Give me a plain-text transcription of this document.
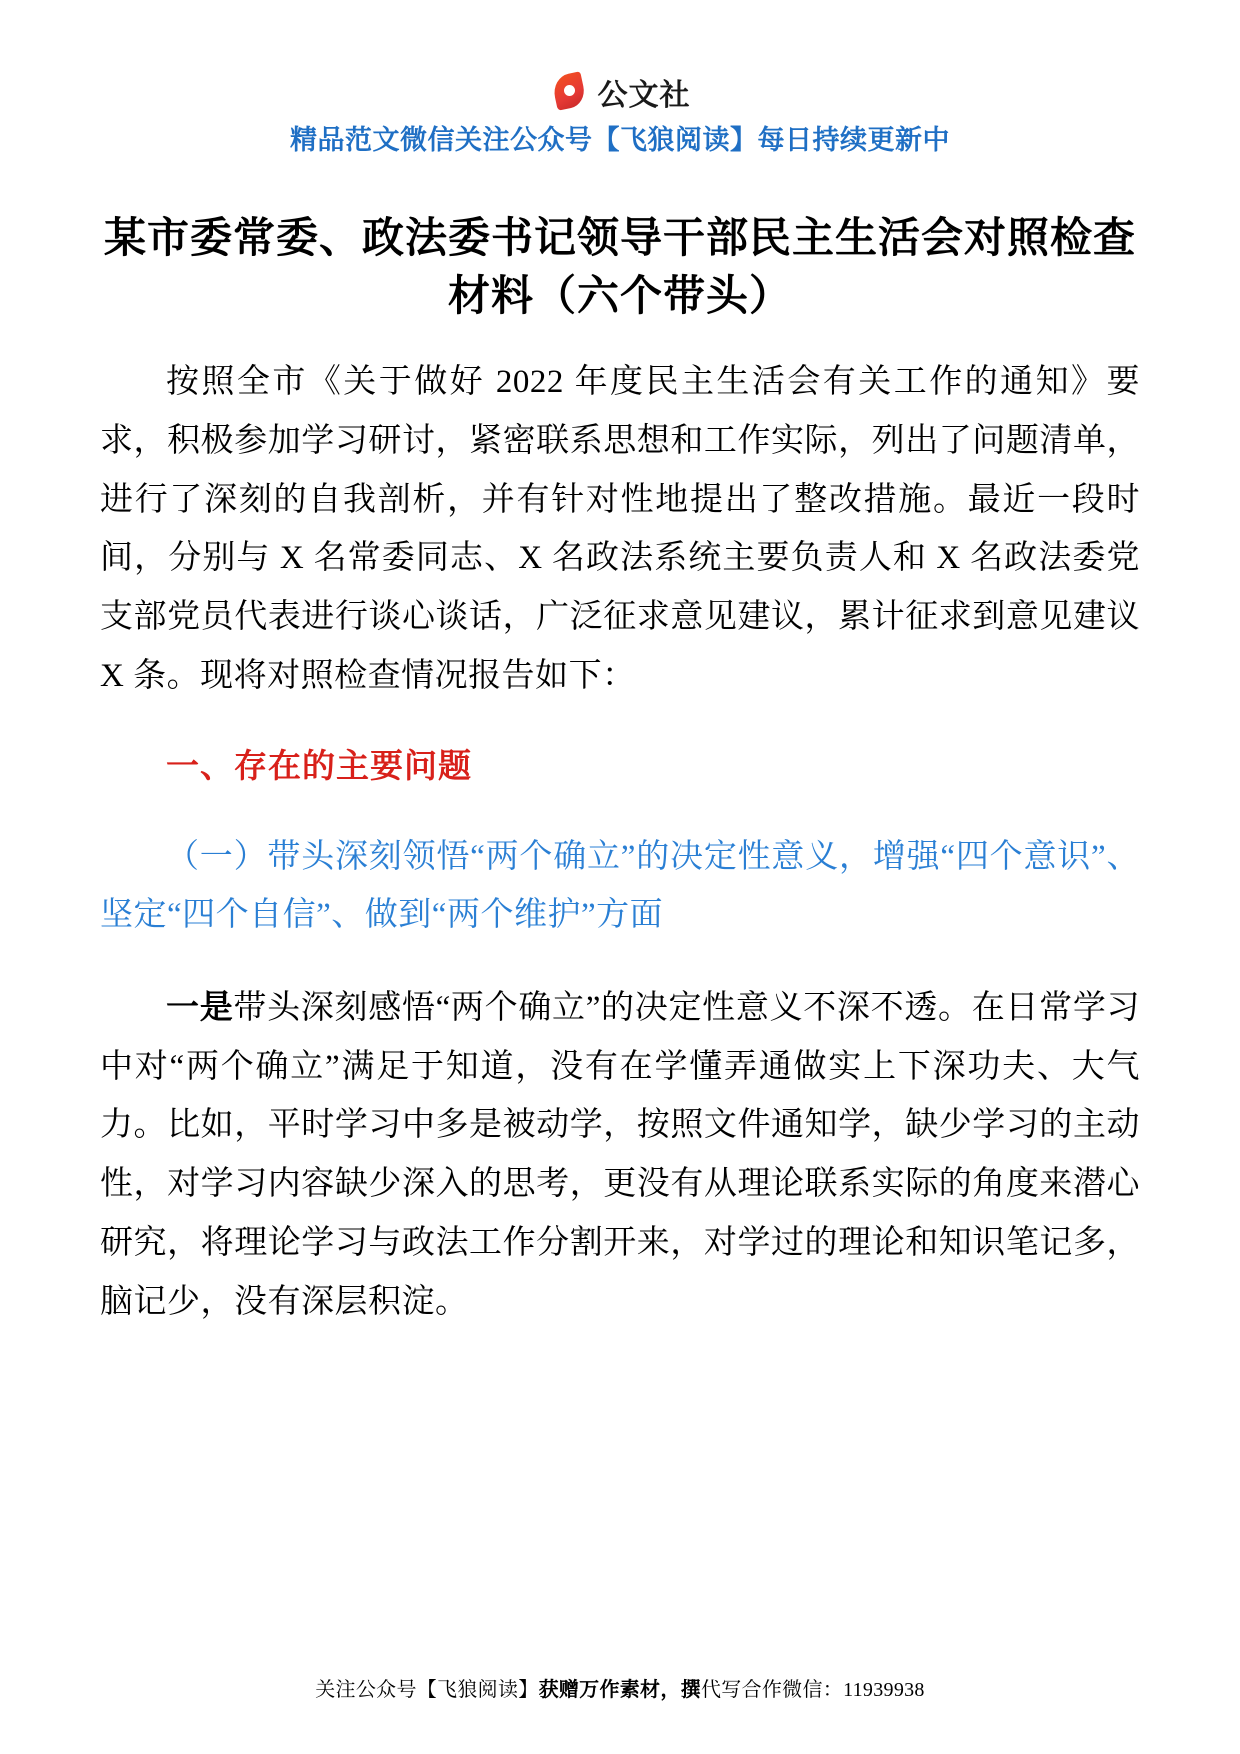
公文社
精品范文微信关注公众号【飞狼阅读】每日持续更新中
某市委常委、政法委书记领导干部民主生活会对照检查材料（六个带头）

按照全市《关于做好 2022 年度民主生活会有关工作的通知》要求，积极参加学习研讨，紧密联系思想和工作实际，列出了问题清单，进行了深刻的自我剖析，并有针对性地提出了整改措施。最近一段时间，分别与 X 名常委同志、X 名政法系统主要负责人和 X 名政法委党支部党员代表进行谈心谈话，广泛征求意见建议，累计征求到意见建议 X 条。现将对照检查情况报告如下：

一、存在的主要问题

（一）带头深刻领悟“两个确立”的决定性意义，增强“四个意识”、坚定“四个自信”、做到“两个维护”方面

一是带头深刻感悟“两个确立”的决定性意义不深不透。在日常学习中对“两个确立”满足于知道，没有在学懂弄通做实上下深功夫、大气力。比如，平时学习中多是被动学，按照文件通知学，缺少学习的主动性，对学习内容缺少深入的思考，更没有从理论联系实际的角度来潜心研究，将理论学习与政法工作分割开来，对学过的理论和知识笔记多，脑记少，没有深层积淀。

关注公众号【飞狼阅读】获赠万作素材，撰代写合作微信：11939938
